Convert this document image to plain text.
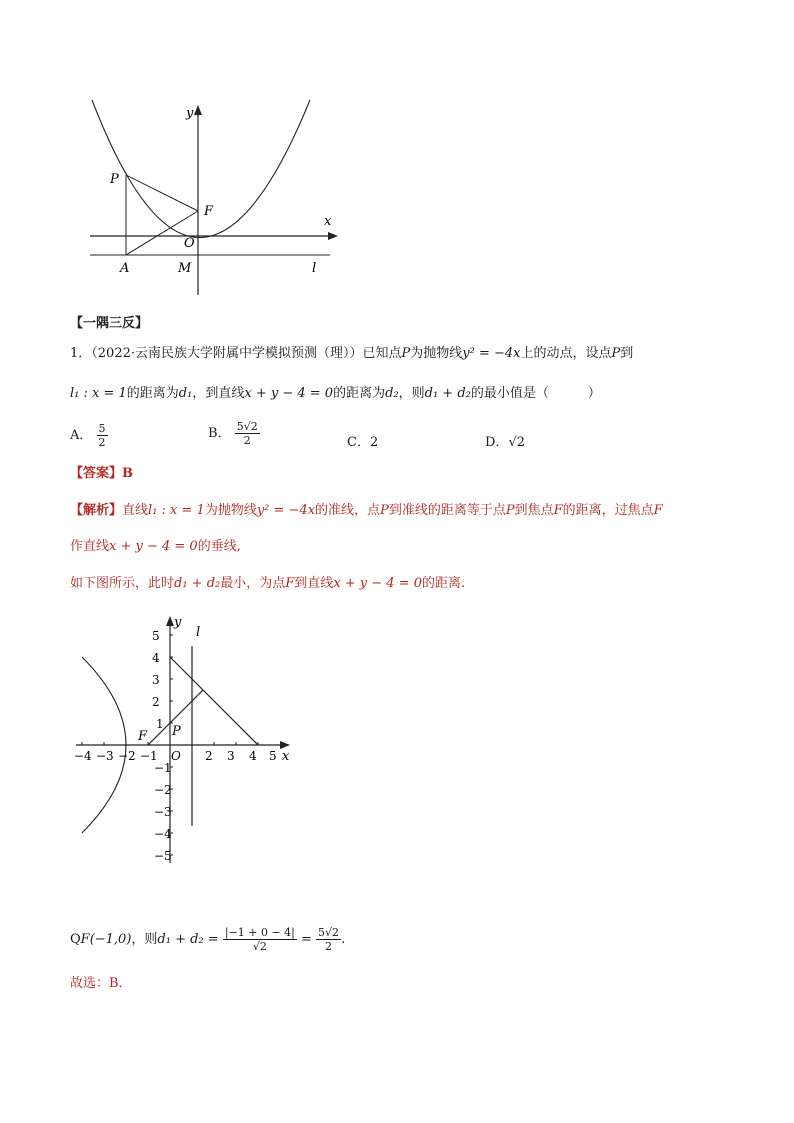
y
x
P
F
O
A	M	l
【一隅三反】
1．（2022·云南民族大学附属中学模拟预测（理））已知点P为抛物线y² = −4x上的动点，设点P到
l₁ : x = 1的距离为d₁，到直线x + y − 4 = 0的距离为d₂，则d₁ + d₂的最小值是（　　　）
A． $\frac{5}{2}$	B． $\frac{5√2}{2}$	C．2	D．√2
【答案】B
【解析】直线l₁ : x = 1为抛物线y² = −4x的准线，点P到准线的距离等于点P到焦点F的距离，过焦点F
作直线x + y − 4 = 0的垂线,
如下图所示，此时d₁ + d₂最小，为点F到直线x + y − 4 = 0的距离.
−4 −3 −2 −1 O 2 3 4 5
5
4
3
2
1
−1
−2
−3
−4
−5
y
x
l
F P
QF(−1,0)，则$d_1 + d_2 = \frac{|-1 + 0 - 4|}{√2} = \frac{5√2}{2}$ .
故选：B．
